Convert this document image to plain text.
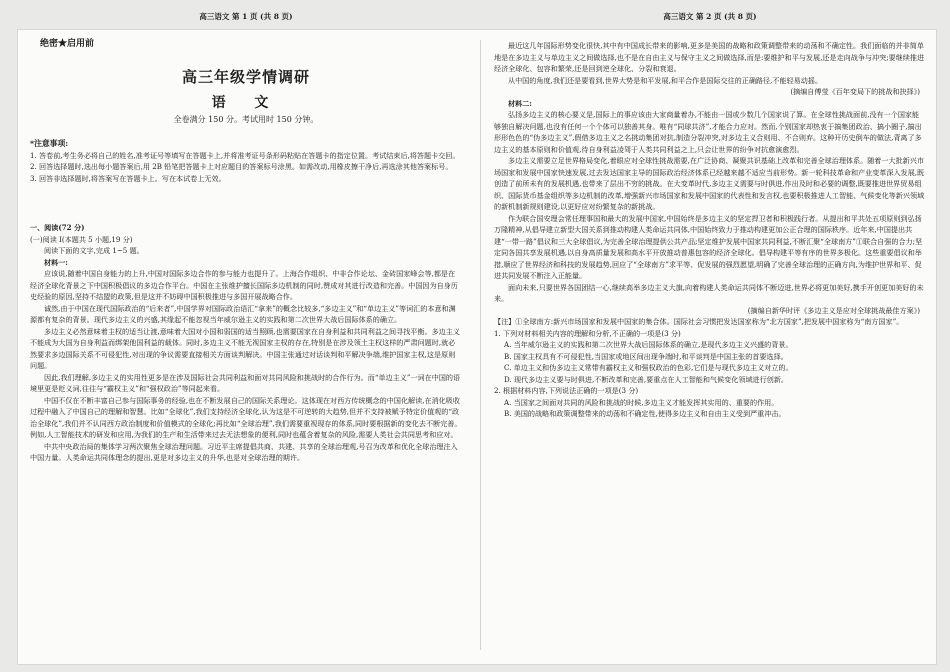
绝密★启用前
高三年级学情调研
语 文
全卷满分 150 分。考试用时 150 分钟。

*注意事项:

1. 答卷前,考生务必将自己的姓名,准考证号等填写在答题卡上,并将准考证号条形码粘贴在答题卡的指定位置。考试结束后,将答题卡交回。

2. 回答选择题时,选出每小题答案后,用 2B 铅笔把答题卡上对应题目的答案标号涂黑。如需改动,用橡皮擦干净后,再选涂其他答案标号。

3. 回答非选择题时,将答案写在答题卡上。写在本试卷上无效。

一、阅读(72 分)

(一)阅读 Ⅰ(本题共 5 小题,19 分)

阅读下面的文字,完成 1~5 题。

材料一:

应该说,随着中国自身能力的上升,中国对国际多边合作的参与能力也提升了。上海合作组织、中非合作论坛、金砖国家峰会等,都是在经济全球化背景之下中国积极倡议的多边合作平台。中国在主张维护擅长国际多边机制的同时,赞成对其进行改造和完善。中国因为自身历史经验的原因,坚持不结盟的政策,但是这并不妨碍中国积极推进与多国开展战略合作。

诚然,由于中国在现代国际政治的“后来者”,中国学界对国际政治语汇“拿来”的概念比较多,“多边主义”和“单边主义”等词汇的本意和渊源都有复杂的背景。现代多边主义的兴盛,其缘起不能忽视当年威尔逊主义的实践和第二次世界大战后国际体系的确立。

多边主义必然意味着主权的适当让渡,意味着大国对小国和弱国的适当照顾,也需要国家在自身利益和共同利益之间寻找平衡。多边主义不能成为大国为自身利益而绑架他国利益的载体。同时,多边主义不能无视国家主权的存在,特别是在涉及领土主权这样的严肃问题时,就必然要求多边国际关系不可侵犯性,对出现的争议需要直接相关方面谈判解决。中国主张通过对话谈判和平解决争端,维护国家主权,这是原则问题。

因此,我们理解,多边主义的实用性更多是在涉及国际社会共同利益和面对共同风险和挑战时的合作行为。而“单边主义”一词在中国的语境里更是贬义词,往往与“霸权主义”和“强权政治”等同起来看。

中国不仅在不断丰富自己参与国际事务的经验,也在不断发展自己的国际关系理论。这体现在对西方传统概念的中国化解读,在消化吸收过程中融入了中国自己的理解和智慧。比如“全球化”,我们支持经济全球化,认为这是不可逆转的大趋势,但并不支持被赋予特定价值观的“政治全球化”,我们并不认同西方政治制度和价值模式的全球化;再比如“全球治理”,我们需要重视现存的体系,同时要根据新的变化去不断完善。例如,人工智能技术的研发和应用,为我们的生产和生活带来过去无法想象的便利,同时也蕴含着复杂的风险,需要人类社会共同思考和应对。

中共中央政治局的集体学习两次聚焦全球治理问题。习近平主席提倡共商、共建、共享的全球治理观,号召为改革和优化全球治理注入中国力量。人类命运共同体理念的提出,更是对多边主义的升华,也是对全球治理的期许。

高三语文 第 1 页 (共 8 页)

最近这几年国际形势变化很快,其中有中国成长带来的影响,更多是美国的战略和政策调整带来的动荡和不确定性。我们面临的并非简单地是在多边主义与单边主义之间做选择,也不是在自由主义与保守主义之间做选择,而是:要维护和平与发展,还是走向战争与冲突;要继续推进经济全球化、包容和繁荣,还是回到逆全球化、分裂和衰退。

从中国的角度,我们还是要看到,世界大势是和平发展,和平合作是国际交往的正确路径,不能轻易动摇。

(摘编自傅莹《百年变局下的挑战和抉择》)

材料二:

弘扬多边主义的核心要义是,国际上的事应该由大家商量着办,不能由一国或少数几个国家说了算。在全球性挑战面前,没有一个国家能够独自解决问题,也没有任何一个个体可以独善其身。唯有“同球共济”,才能合力应对。然而,个别国家却热衷于搞集团政治、搞小圈子,搞出形形色色的“伪多边主义”,假借多边主义之名挑动集团对抗,制造分裂冲突,对多边主义合则用、不合则弃。这种开历史倒车的做法,背离了多边主义的基本原则和价值观,待自身利益凌驾于人类共同利益之上,只会让世界的纷争对抗愈演愈烈。

多边主义需要立足世界格局变化,着眼应对全球性挑战需要,在广泛协商、凝聚共识基础上改革和完善全球治理体系。随着一大批新兴市场国家和发展中国家快速发展,过去发达国家主导的国际政治经济体系已经越来越不适应当前形势。新一轮科技革命和产业变革深入发展,既创造了前所未有的发展机遇,也带来了层出不穷的挑战。在大变革时代,多边主义需要与时俱进,作出及时和必要的调整,既要推进世界贸易组织、国际货币基金组织等多边机制的改革,增强新兴市场国家和发展中国家的代表性和发言权,也要积极推进人工智能、气候变化等新兴领域的新机制新规则建设,以更好应对纷繁复杂的新挑战。

作为联合国安理会常任理事国和最大的发展中国家,中国始终是多边主义的坚定捍卫者和积极践行者。从提出和平共处五项原则到弘扬万隆精神,从倡导建立新型大国关系到推动构建人类命运共同体,中国始终致力于推动构建更加公正合理的国际秩序。近年来,中国提出共建“一带一路”倡议和三大全球倡议,为完善全球治理提供公共产品;坚定维护发展中国家共同利益,不断汇聚“全球南方”①联合自强的合力;坚定同各国共享发展机遇,以自身高质量发展和高水平开放推动普惠包容的经济全球化。倡导构建平等有序的世界多极化。这些重要倡议和举措,顺应了世界经济和科技的发展趋势,回应了“全球南方”求平等、促发展的强烈愿望,明确了完善全球治理的正确方向,为维护世界和平、促进共同发展不断注入正能量。

面向未来,只要世界各国团结一心,继续高举多边主义大旗,向着构建人类命运共同体不断迈进,世界必将更加美好,携手开创更加美好的未来。

(摘编自新华时评《多边主义是应对全球挑战最佳方案》)

【注】①全球南方:新兴市场国家和发展中国家的集合体。国际社会习惯把发达国家称为“北方国家”,把发展中国家称为“南方国家”。

1. 下列对材料相关内容的理解和分析,不正确的一项是(3 分)

A. 当年威尔逊主义的实践和第二次世界大战后国际体系的确立,是现代多边主义兴盛的背景。

B. 国家主权具有不可侵犯性,当国家或地区间出现争端时,和平谈判是中国主张的首要选择。

C. 单边主义和伪多边主义常带有霸权主义和强权政治的色彩,它们是与现代多边主义对立的。

D. 现代多边主义要与时俱进,不断改革和完善,要重点在人工智能和气候变化领域进行创新。

2. 根据材料内容,下列说法正确的一项是(3 分)

A. 当国家之间面对共同的风险和挑战的时候,多边主义才能发挥其实用的、重要的作用。

B. 美国的战略和政策调整带来的动荡和不确定性,使得多边主义和自由主义受到严重冲击。

高三语文 第 2 页 (共 8 页)
